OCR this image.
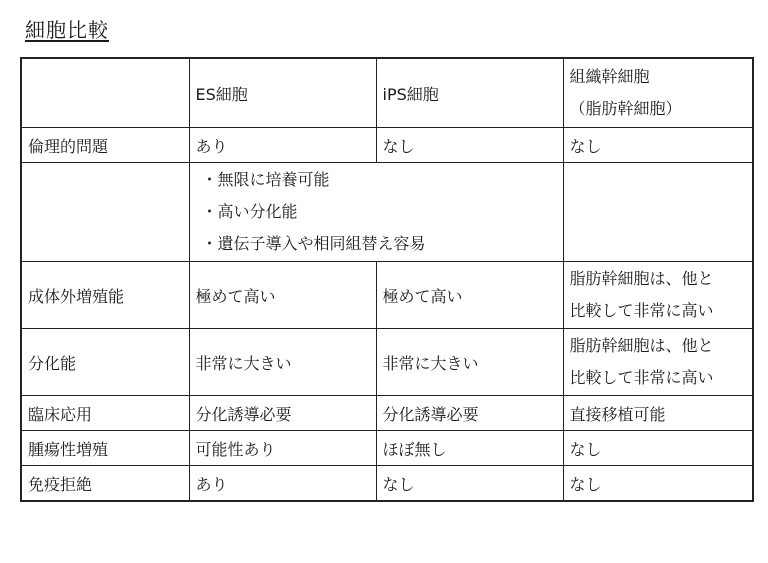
細胞比較
	ES細胞	iPS細胞	組織幹細胞
（脂肪幹細胞）

倫理的問題	あり	なし	なし

	・無限に培養可能
・高い分化能
・遺伝子導入や相同組替え容易		

成体外増殖能	極めて高い	極めて高い	脂肪幹細胞は、他と
比較して非常に高い

分化能	非常に大きい	非常に大きい	脂肪幹細胞は、他と
比較して非常に高い

臨床応用	分化誘導必要	分化誘導必要	直接移植可能
腫瘍性増殖	可能性あり	ほぼ無し	なし
免疫拒絶	あり	なし	なし
